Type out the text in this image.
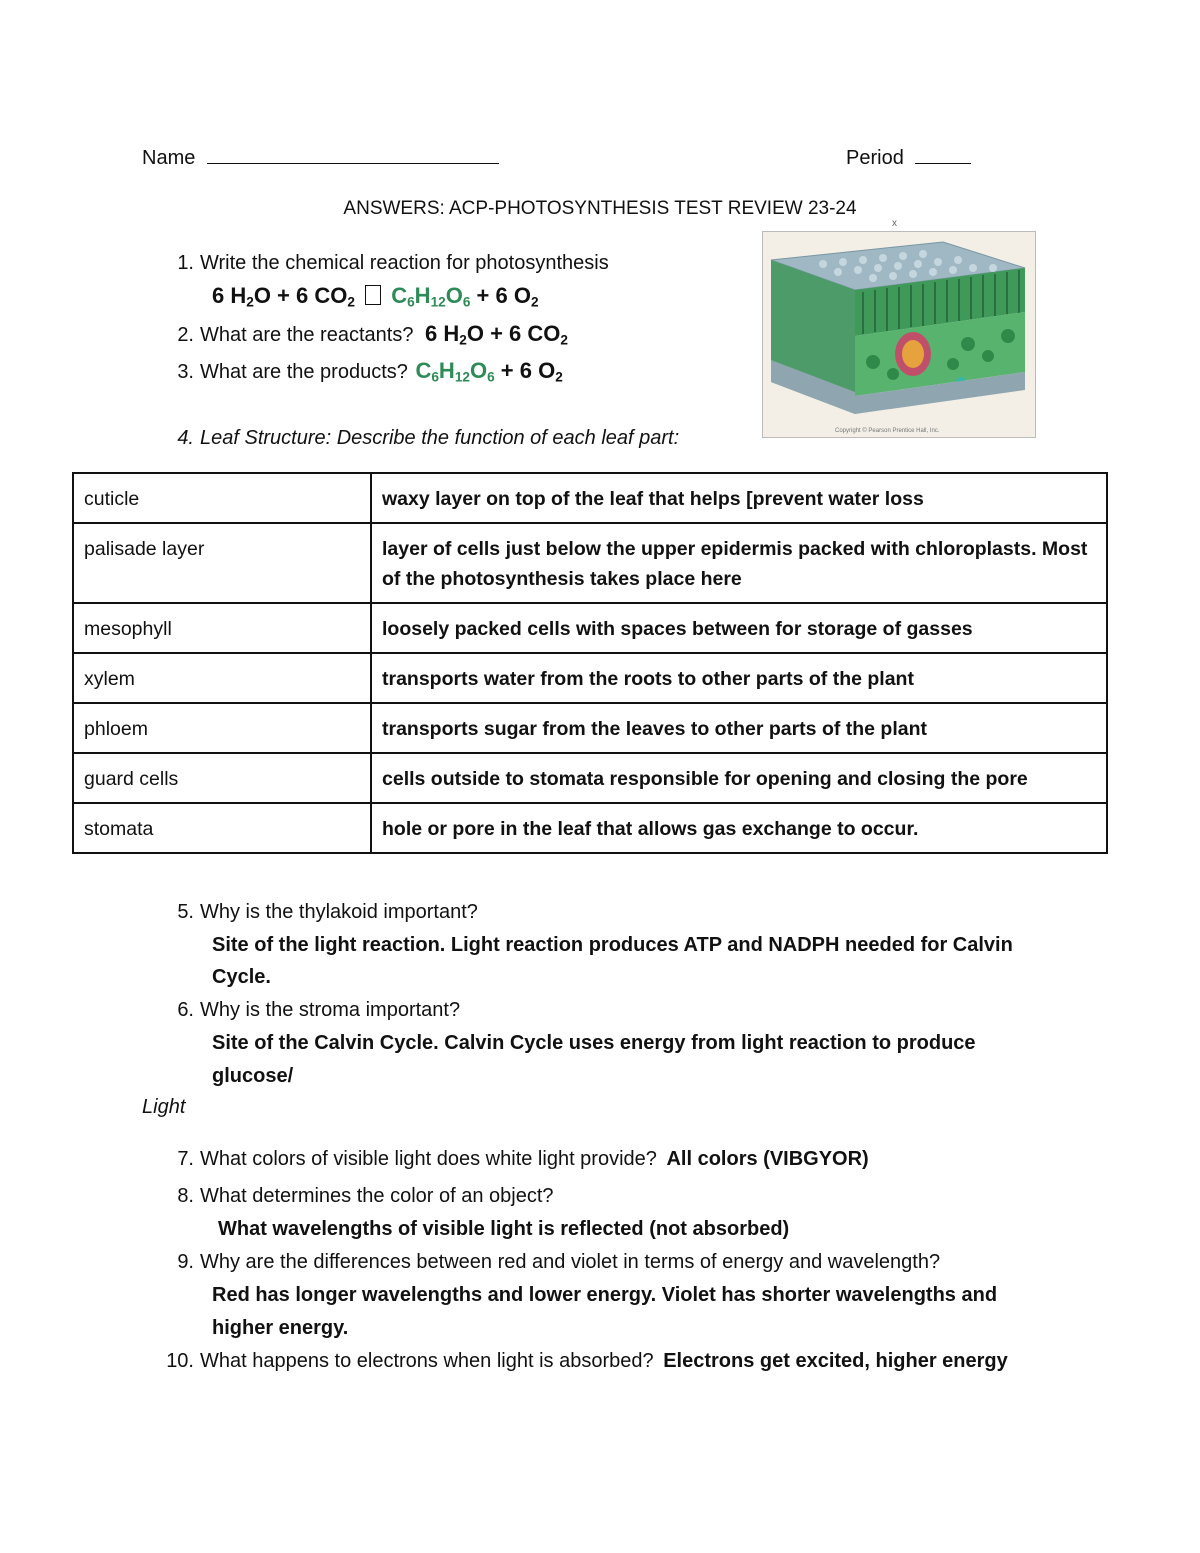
Name	Period
ANSWERS: ACP-PHOTOSYNTHESIS TEST REVIEW 23-24
x
Copyright © Pearson Prentice Hall, Inc.
1. Write the chemical reaction for photosynthesis
6 $H_2O + 6$ $CO_2$ $C_6H_{12}O_6 + 6$ $O_2$
2. What are the reactants? 6 $H_2O + 6$ $CO_2$
3. What are the products? $C_6H_{12}O_6 + 6$ $O_2$
4. Leaf Structure: Describe the function of each leaf part:
cuticle	waxy layer on top of the leaf that helps [prevent water loss
palisade layer	layer of cells just below the upper epidermis packed with chloroplasts. Most of the photosynthesis takes place here
mesophyll	loosely packed cells with spaces between for storage of gasses
xylem	transports water from the roots to other parts of the plant
phloem	transports sugar from the leaves to other parts of the plant
guard cells	cells outside to stomata responsible for opening and closing the pore
stomata	hole or pore in the leaf that allows gas exchange to occur.
5. Why is the thylakoid important?
Site of the light reaction. Light reaction produces ATP and NADPH needed for Calvin Cycle.
6. Why is the stroma important?
Site of the Calvin Cycle. Calvin Cycle uses energy from light reaction to produce glucose/
Light
7. What colors of visible light does white light provide? All colors (VIBGYOR)
8. What determines the color of an object?
What wavelengths of visible light is reflected (not absorbed)
9. Why are the differences between red and violet in terms of energy and wavelength?
Red has longer wavelengths and lower energy. Violet has shorter wavelengths and higher energy.
10. What happens to electrons when light is absorbed? Electrons get excited, higher energy
